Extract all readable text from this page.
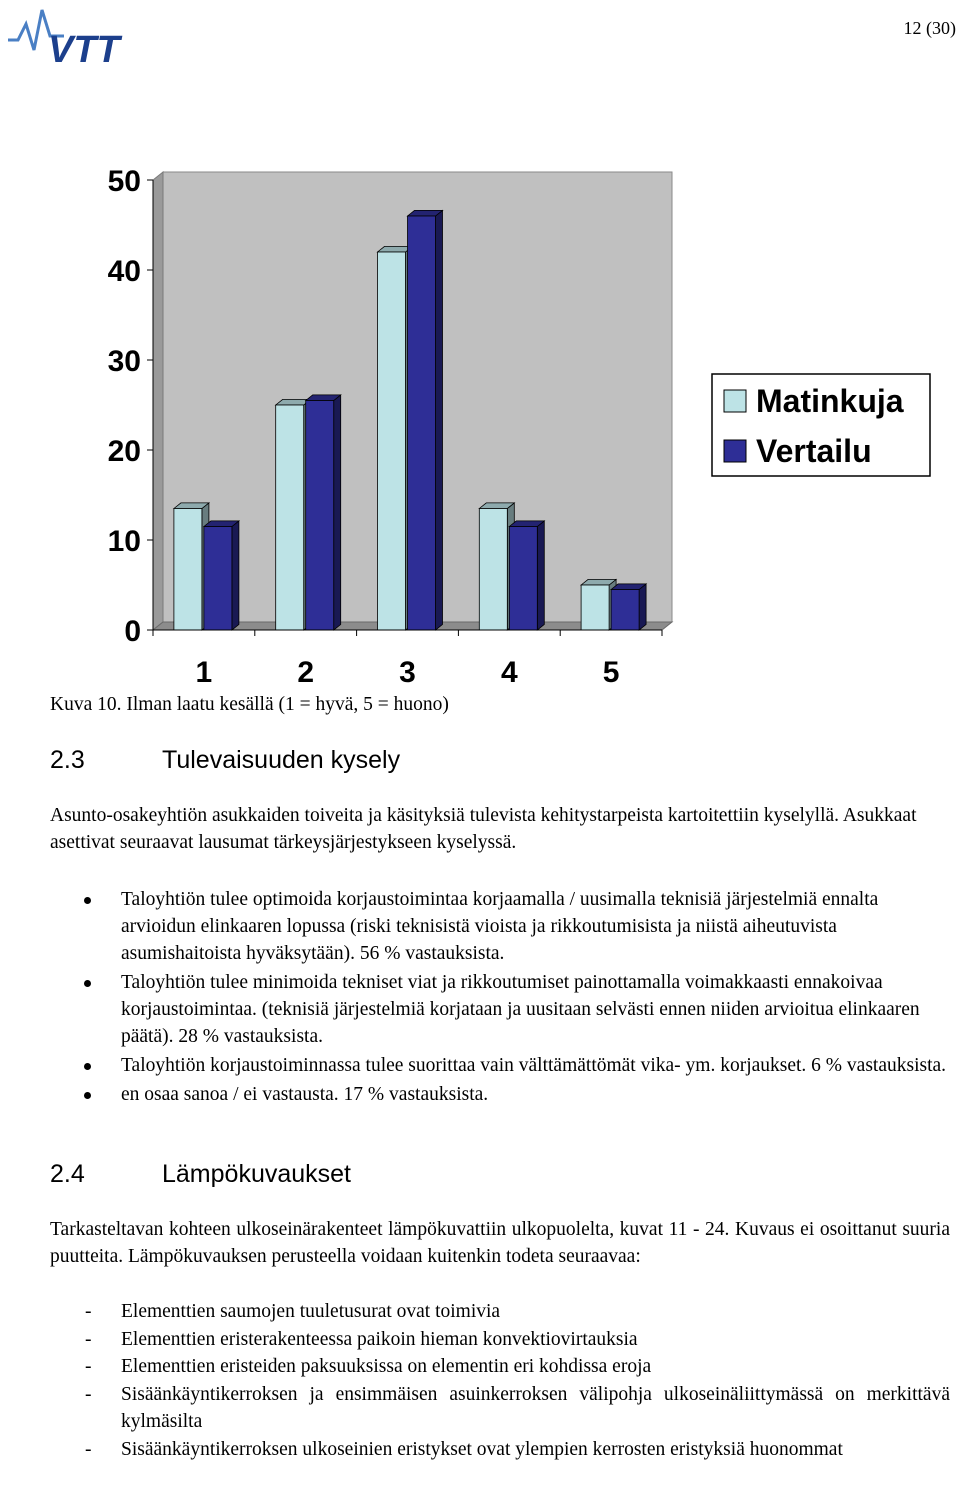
VTT
12 (30)
0
10
20
30
40
50
1	2	3	4	5
Matinkuja
Vertailu
Kuva 10. Ilman laatu kesällä (1 = hyvä, 5 = huono)
2.3	Tulevaisuuden kysely
Asunto-osakeyhtiön asukkaiden toiveita ja käsityksiä tulevista kehitystarpeista kartoitettiin kyselyllä. Asukkaat asettivat seuraavat lausumat tärkeysjärjestykseen kyselyssä.
Taloyhtiön tulee optimoida korjaustoimintaa korjaamalla / uusimalla teknisiä järjestelmiä ennalta arvioidun elinkaaren lopussa (riski teknisistä vioista ja rikkoutumisista ja niistä aiheutuvista asumishaitoista hyväksytään). 56 % vastauksista.
Taloyhtiön tulee minimoida tekniset viat ja rikkoutumiset painottamalla voimakkaasti ennakoivaa korjaustoimintaa. (teknisiä järjestelmiä korjataan ja uusitaan selvästi ennen niiden arvioitua elinkaaren päätä). 28 % vastauksista.
Taloyhtiön korjaustoiminnassa tulee suorittaa vain välttämättömät vika- ym. korjaukset. 6 % vastauksista.
en osaa sanoa / ei vastausta. 17 % vastauksista.
2.4	Lämpökuvaukset
Tarkasteltavan kohteen ulkoseinärakenteet lämpökuvattiin ulkopuolelta, kuvat 11 - 24. Kuvaus ei osoittanut suuria puutteita. Lämpökuvauksen perusteella voidaan kuitenkin todeta seuraavaa:
- Elementtien saumojen tuuletusurat ovat toimivia
- Elementtien eristerakenteessa paikoin hieman konvektiovirtauksia
- Elementtien eristeiden paksuuksissa on elementin eri kohdissa eroja
- Sisäänkäyntikerroksen ja ensimmäisen asuinkerroksen välipohja ulkoseinäliittymässä on merkittävä kylmäsilta
- Sisäänkäyntikerroksen ulkoseinien eristykset ovat ylempien kerrosten eristyksiä huonommat
